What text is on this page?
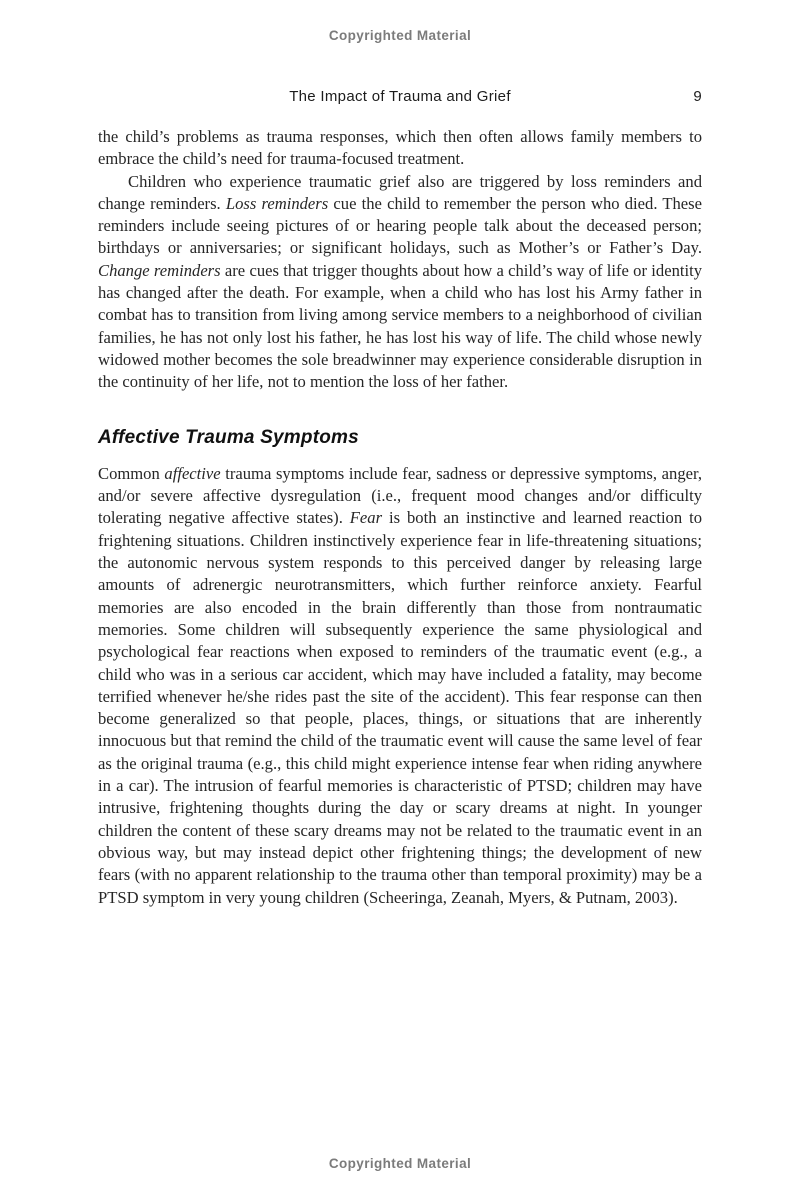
Copyrighted Material
The Impact of Trauma and Grief	9

the child’s problems as trauma responses, which then often allows family members to embrace the child’s need for trauma-focused treatment.

Children who experience traumatic grief also are triggered by loss reminders and change reminders. Loss reminders cue the child to remember the person who died. These reminders include seeing pictures of or hearing people talk about the deceased person; birthdays or anniversaries; or significant holidays, such as Mother’s or Father’s Day. Change reminders are cues that trigger thoughts about how a child’s way of life or identity has changed after the death. For example, when a child who has lost his Army father in combat has to transition from living among service members to a neighborhood of civilian families, he has not only lost his father, he has lost his way of life. The child whose newly widowed mother becomes the sole breadwinner may experience considerable disruption in the continuity of her life, not to mention the loss of her father.

Affective Trauma Symptoms

Common affective trauma symptoms include fear, sadness or depressive symptoms, anger, and/or severe affective dysregulation (i.e., frequent mood changes and/or difficulty tolerating negative affective states). Fear is both an instinctive and learned reaction to frightening situations. Children instinctively experience fear in life-threatening situations; the autonomic nervous system responds to this perceived danger by releasing large amounts of adrenergic neurotransmitters, which further reinforce anxiety. Fearful memories are also encoded in the brain differently than those from nontraumatic memories. Some children will subsequently experience the same physiological and psychological fear reactions when exposed to reminders of the traumatic event (e.g., a child who was in a serious car accident, which may have included a fatality, may become terrified whenever he/she rides past the site of the accident). This fear response can then become generalized so that people, places, things, or situations that are inherently innocuous but that remind the child of the traumatic event will cause the same level of fear as the original trauma (e.g., this child might experience intense fear when riding anywhere in a car). The intrusion of fearful memories is characteristic of PTSD; children may have intrusive, frightening thoughts during the day or scary dreams at night. In younger children the content of these scary dreams may not be related to the traumatic event in an obvious way, but may instead depict other frightening things; the development of new fears (with no apparent relationship to the trauma other than temporal proximity) may be a PTSD symptom in very young children (Scheeringa, Zeanah, Myers, & Putnam, 2003).

Copyrighted Material
